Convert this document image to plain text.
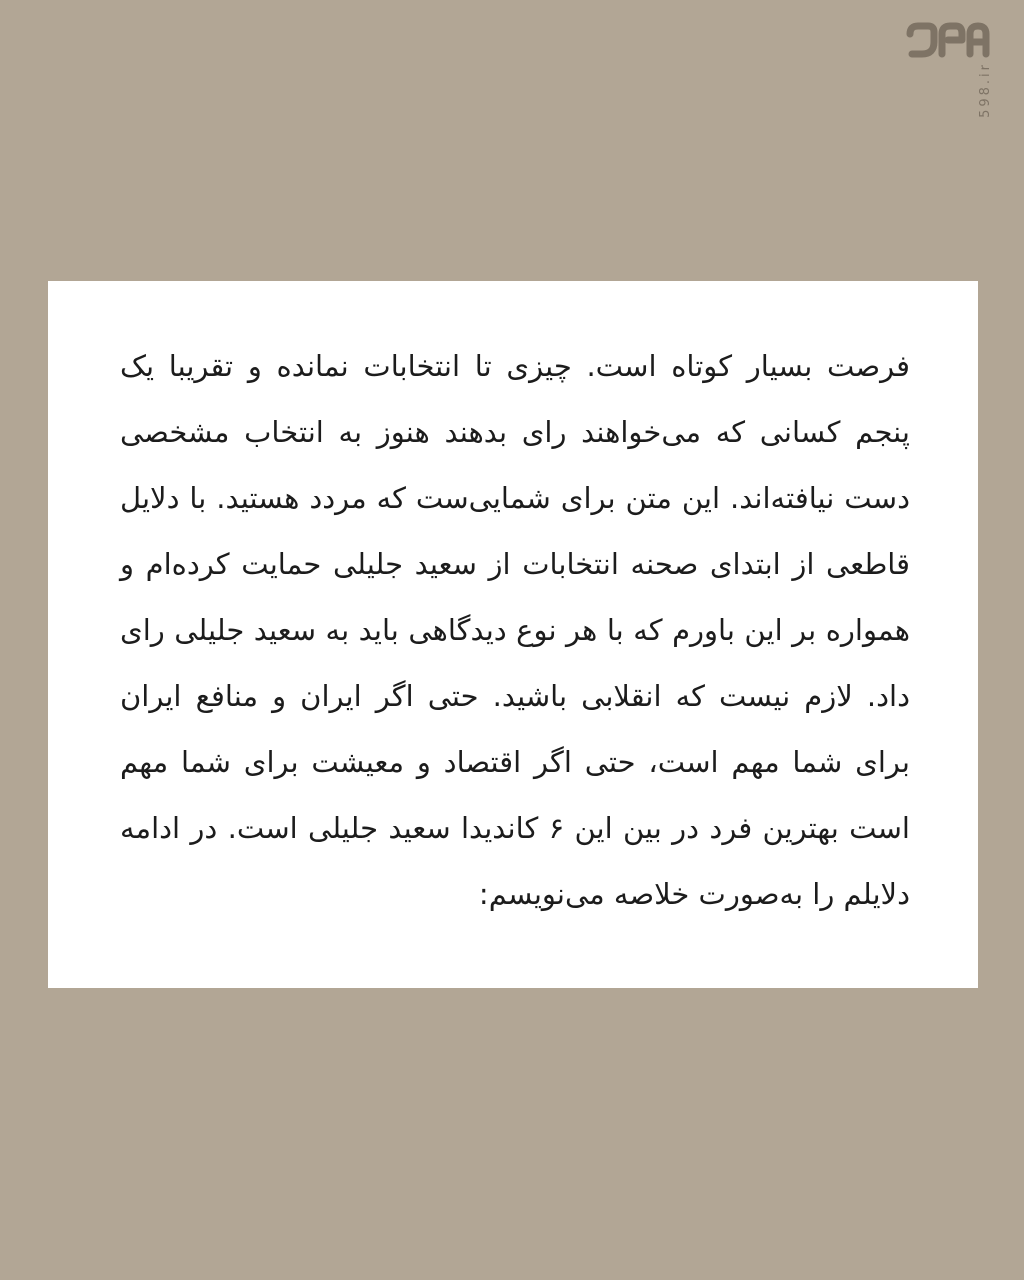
598.ir

فرصت بسیار کوتاه است. چیزی تا انتخابات نمانده و تقریبا یک پنجم کسانی که می‌خواهند رای بدهند هنوز به انتخاب مشخصی دست نیافته‌اند. این متن برای شمایی‌ست که مردد هستید. با دلایل قاطعی از ابتدای صحنه انتخابات از سعید جلیلی حمایت کرده‌ام و همواره بر این باورم که با هر نوع دیدگاهی باید به سعید جلیلی رای داد. لازم نیست که انقلابی باشید. حتی اگر ایران و منافع ایران برای شما مهم است، حتی اگر اقتصاد و معیشت برای شما مهم است بهترین فرد در بین این ۶ کاندیدا سعید جلیلی است. در ادامه دلایلم را به‌صورت خلاصه می‌نویسم:
